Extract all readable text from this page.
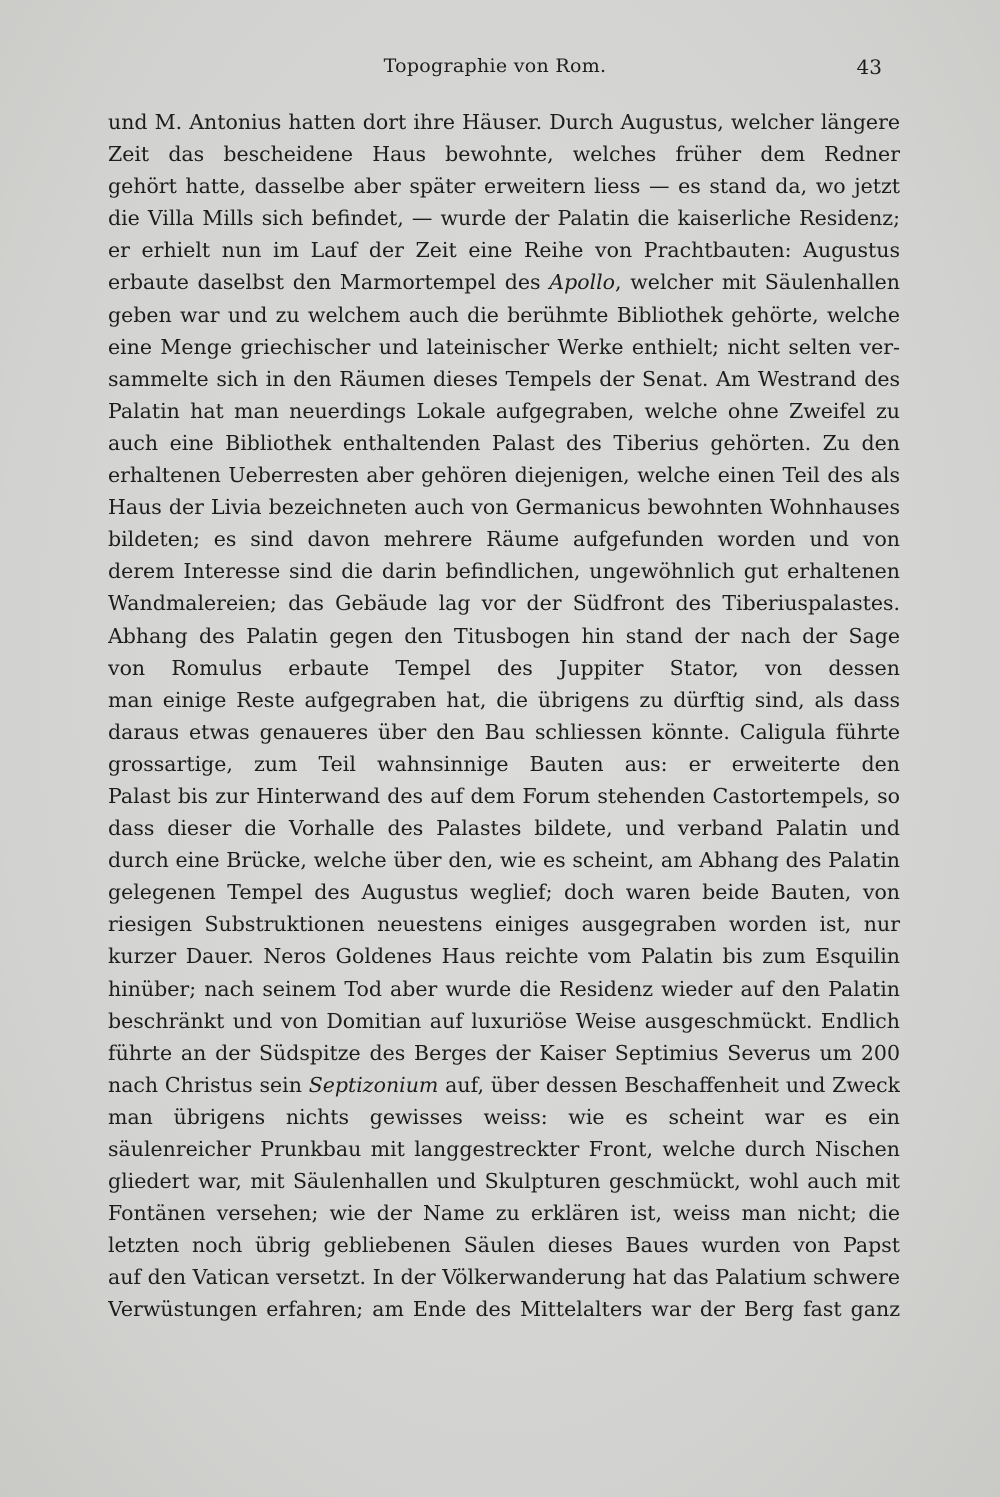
Topographie von Rom.	43
und M. Antonius hatten dort ihre Häuser. Durch Augustus, welcher längere
Zeit das bescheidene Haus bewohnte, welches früher dem Redner
gehört hatte, dasselbe aber später erweitern liess — es stand da, wo jetzt
die Villa Mills sich befindet, — wurde der Palatin die kaiserliche Residenz;
er erhielt nun im Lauf der Zeit eine Reihe von Prachtbauten: Augustus
erbaute daselbst den Marmortempel des Apollo, welcher mit Säulenhallen
geben war und zu welchem auch die berühmte Bibliothek gehörte, welche
eine Menge griechischer und lateinischer Werke enthielt; nicht selten ver-
sammelte sich in den Räumen dieses Tempels der Senat. Am Westrand des
Palatin hat man neuerdings Lokale aufgegraben, welche ohne Zweifel zu
auch eine Bibliothek enthaltenden Palast des Tiberius gehörten. Zu den
erhaltenen Ueberresten aber gehören diejenigen, welche einen Teil des als
Haus der Livia bezeichneten auch von Germanicus bewohnten Wohnhauses
bildeten; es sind davon mehrere Räume aufgefunden worden und von
derem Interesse sind die darin befindlichen, ungewöhnlich gut erhaltenen
Wandmalereien; das Gebäude lag vor der Südfront des Tiberiuspalastes.
Abhang des Palatin gegen den Titusbogen hin stand der nach der Sage
von Romulus erbaute Tempel des Juppiter Stator, von dessen
man einige Reste aufgegraben hat, die übrigens zu dürftig sind, als dass
daraus etwas genaueres über den Bau schliessen könnte. Caligula führte
grossartige, zum Teil wahnsinnige Bauten aus: er erweiterte den
Palast bis zur Hinterwand des auf dem Forum stehenden Castortempels, so
dass dieser die Vorhalle des Palastes bildete, und verband Palatin und
durch eine Brücke, welche über den, wie es scheint, am Abhang des Palatin
gelegenen Tempel des Augustus weglief; doch waren beide Bauten, von
riesigen Substruktionen neuestens einiges ausgegraben worden ist, nur
kurzer Dauer. Neros Goldenes Haus reichte vom Palatin bis zum Esquilin
hinüber; nach seinem Tod aber wurde die Residenz wieder auf den Palatin
beschränkt und von Domitian auf luxuriöse Weise ausgeschmückt. Endlich
führte an der Südspitze des Berges der Kaiser Septimius Severus um 200
nach Christus sein Septizonium auf, über dessen Beschaffenheit und Zweck
man übrigens nichts gewisses weiss: wie es scheint war es ein
säulenreicher Prunkbau mit langgestreckter Front, welche durch Nischen
gliedert war, mit Säulenhallen und Skulpturen geschmückt, wohl auch mit
Fontänen versehen; wie der Name zu erklären ist, weiss man nicht; die
letzten noch übrig gebliebenen Säulen dieses Baues wurden von Papst
auf den Vatican versetzt. In der Völkerwanderung hat das Palatium schwere
Verwüstungen erfahren; am Ende des Mittelalters war der Berg fast ganz
